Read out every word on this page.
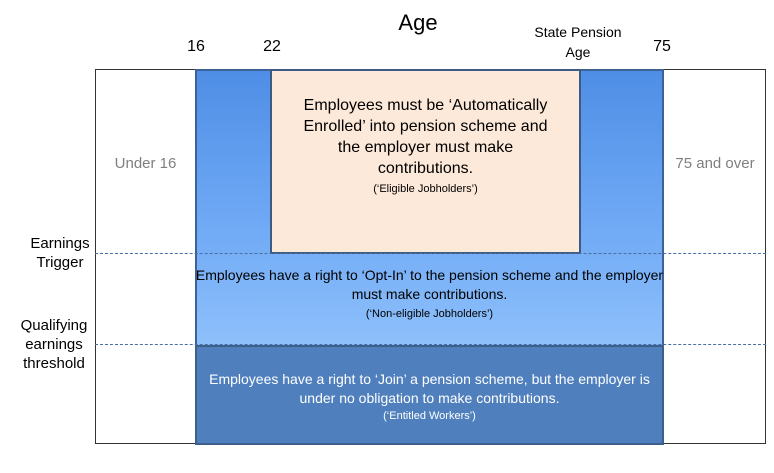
Employees have a right to ‘Join’ a pension scheme, but the employer is under no obligation to make contributions.
(‘Entitled Workers’)
Employees must be ‘Automatically Enrolled’ into pension scheme and the employer must make contributions.
(‘Eligible Jobholders’)
Employees have a right to ‘Opt-In’ to the pension scheme and the employer must make contributions.
(‘Non-eligible Jobholders’)
Age
16	22
State Pension Age	75
Under 16	75 and over
Earnings Trigger
Qualifying earnings threshold
